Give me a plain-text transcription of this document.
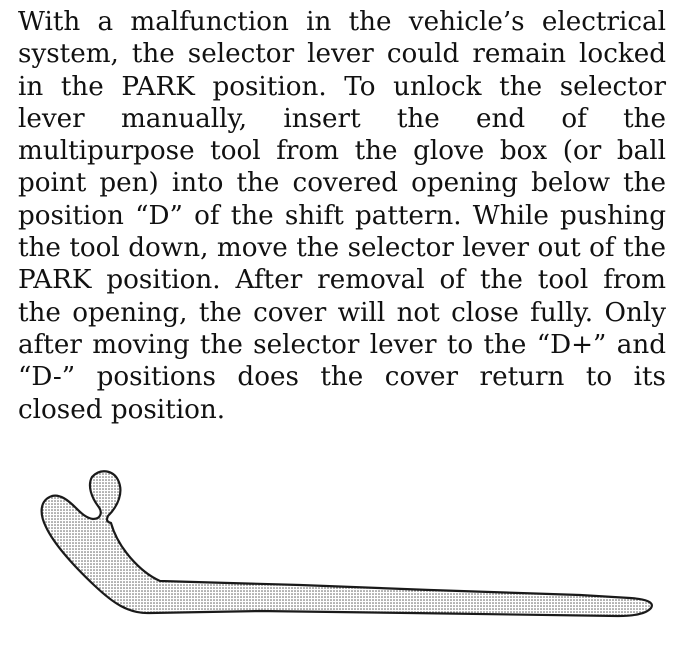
With a malfunction in the vehicle’s electrical system, the selector lever could remain locked in the PARK position. To unlock the selector lever manually, insert the end of the multipurpose tool from the glove box (or ball point pen) into the covered opening below the position “D” of the shift pattern. While pushing the tool down, move the selector lever out of the PARK position. After removal of the tool from the opening, the cover will not close fully. Only after moving the selector lever to the “D+” and “D-” positions does the cover return to its closed position.
